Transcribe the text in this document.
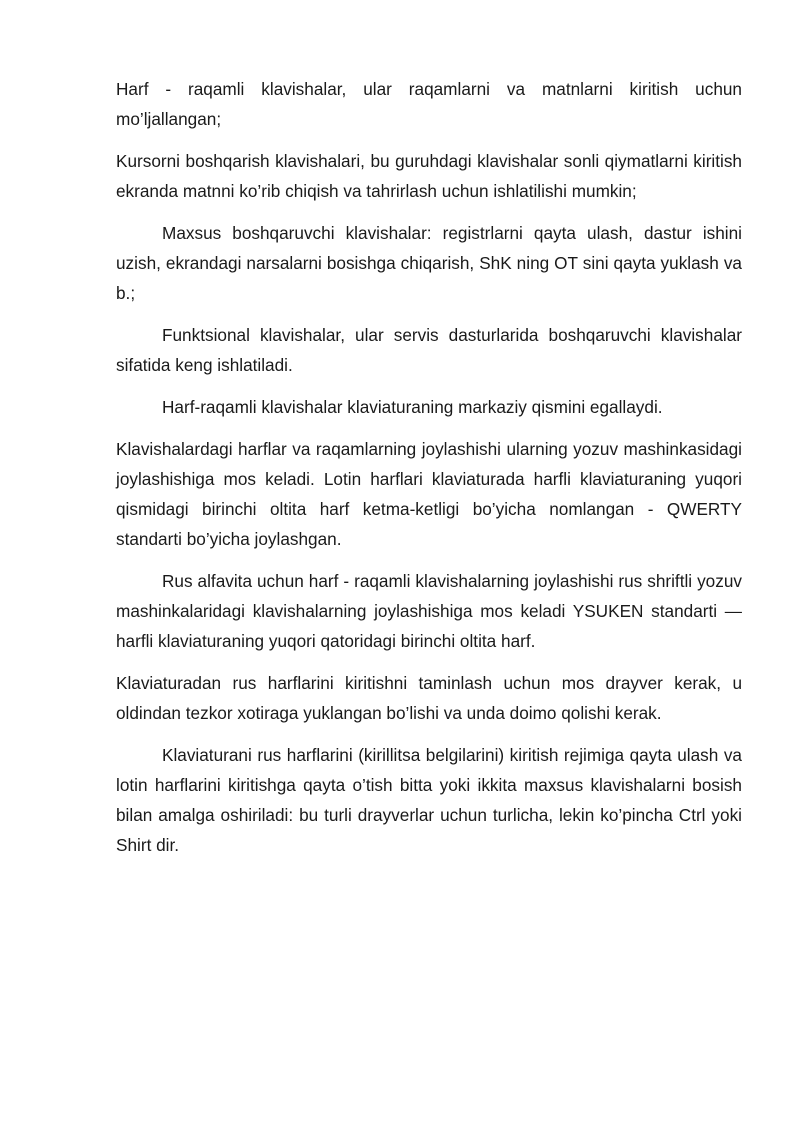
Harf - raqamli klavishalar, ular raqamlarni va matnlarni kiritish uchun mo’ljallangan;

Kursorni boshqarish klavishalari, bu guruhdagi klavishalar sonli qiymatlarni kiritish ekranda matnni ko’rib chiqish va tahrirlash uchun ishlatilishi mumkin;

Maxsus boshqaruvchi klavishalar: registrlarni qayta ulash, dastur ishini uzish, ekrandagi narsalarni bosishga chiqarish, ShK ning OT sini qayta yuklash va b.;

Funktsional klavishalar, ular servis dasturlarida boshqaruvchi klavishalar sifatida keng ishlatiladi.

Harf-raqamli klavishalar klaviaturaning markaziy qismini egallaydi.

Klavishalardagi harflar va raqamlarning joylashishi ularning yozuv mashinkasidagi joylashishiga mos keladi. Lotin harflari klaviaturada harfli klaviaturaning yuqori qismidagi birinchi oltita harf ketma-ketligi bo’yicha nomlangan - QWERTY standarti bo’yicha joylashgan.

Rus alfavita uchun harf - raqamli klavishalarning joylashishi rus shriftli yozuv mashinkalaridagi klavishalarning joylashishiga mos keladi YSUKEN standarti — harfli klaviaturaning yuqori qatoridagi birinchi oltita harf.

Klaviaturadan rus harflarini kiritishni taminlash uchun mos drayver kerak, u oldindan tezkor xotiraga yuklangan bo’lishi va unda doimo qolishi kerak.

Klaviaturani rus harflarini (kirillitsa belgilarini) kiritish rejimiga qayta ulash va lotin harflarini kiritishga qayta o’tish bitta yoki ikkita maxsus klavishalarni bosish bilan amalga oshiriladi: bu turli drayverlar uchun turlicha, lekin ko’pincha Ctrl yoki Shirt dir.
